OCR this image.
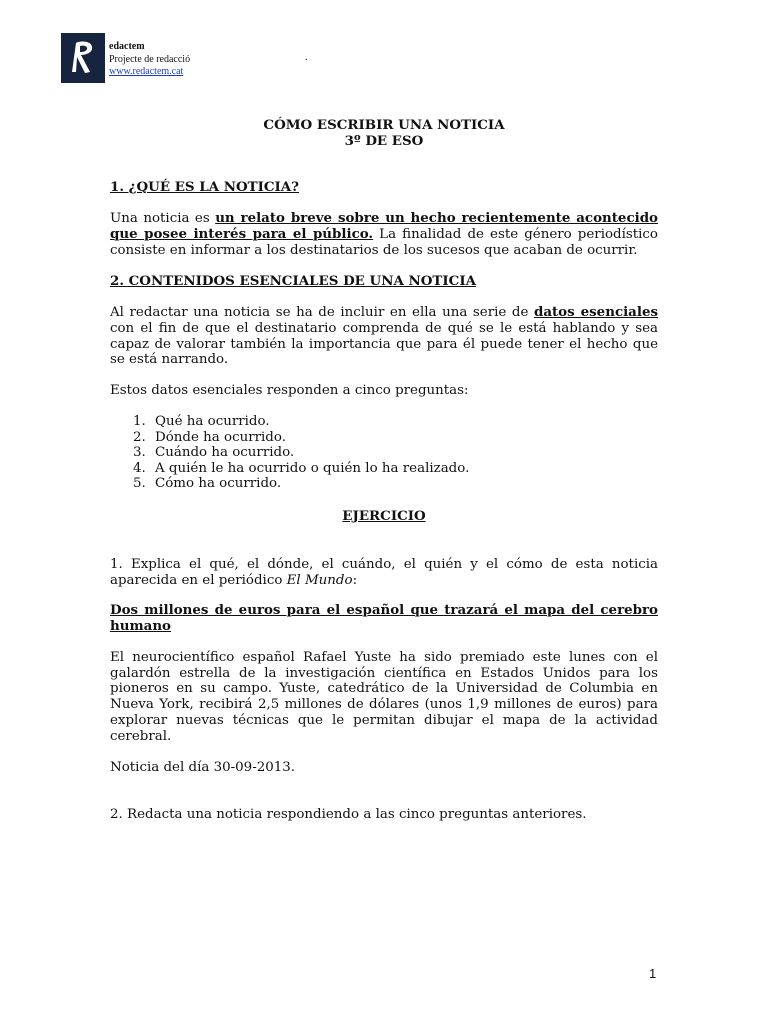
edactem
Projecte de redacció
www.redactem.cat
.
CÓMO ESCRIBIR UNA NOTICIA
3º DE ESO
1. ¿QUÉ ES LA NOTICIA?
Una noticia es un relato breve sobre un hecho recientemente acontecido
que posee interés para el público. La finalidad de este género periodístico
consiste en informar a los destinatarios de los sucesos que acaban de ocurrir.
2. CONTENIDOS ESENCIALES DE UNA NOTICIA
Al redactar una noticia se ha de incluir en ella una serie de datos esenciales
con el fin de que el destinatario comprenda de qué se le está hablando y sea
capaz de valorar también la importancia que para él puede tener el hecho que
se está narrando.
Estos datos esenciales responden a cinco preguntas:
1. Qué ha ocurrido.
2. Dónde ha ocurrido.
3. Cuándo ha ocurrido.
4. A quién le ha ocurrido o quién lo ha realizado.
5. Cómo ha ocurrido.
EJERCICIO
1. Explica el qué, el dónde, el cuándo, el quién y el cómo de esta noticia
aparecida en el periódico El Mundo:
Dos millones de euros para el español que trazará el mapa del cerebro
humano
El neurocientífico español Rafael Yuste ha sido premiado este lunes con el
galardón estrella de la investigación científica en Estados Unidos para los
pioneros en su campo. Yuste, catedrático de la Universidad de Columbia en
Nueva York, recibirá 2,5 millones de dólares (unos 1,9 millones de euros) para
explorar nuevas técnicas que le permitan dibujar el mapa de la actividad
cerebral.
Noticia del día 30-09-2013.
2. Redacta una noticia respondiendo a las cinco preguntas anteriores.
1
